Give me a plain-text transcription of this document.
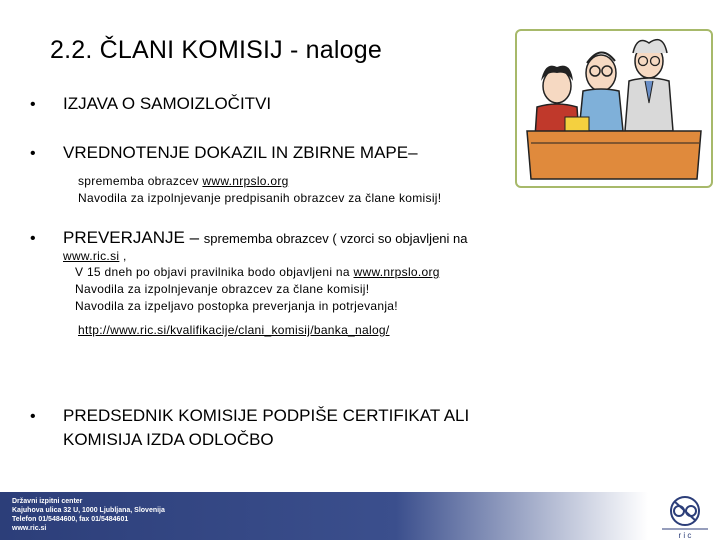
2.2. ČLANI KOMISIJ - naloge
• IZJAVA O SAMOIZLOČITVI
• VREDNOTENJE DOKAZIL IN ZBIRNE MAPE–
sprememba obrazcev www.nrpslo.org
Navodila za izpolnjevanje predpisanih obrazcev za člane komisij!
• PREVERJANJE – sprememba obrazcev ( vzorci so objavljeni na
www.ric.si ,
V 15 dneh po objavi pravilnika bodo objavljeni na www.nrpslo.org
Navodila za izpolnjevanje obrazcev za člane komisij!
Navodila za izpeljavo postopka preverjanja in potrjevanja!
http://www.ric.si/kvalifikacije/clani_komisij/banka_nalog/
• PREDSEDNIK KOMISIJE PODPIŠE CERTIFIKAT ALI
KOMISIJA IZDA ODLOČBO
Državni izpitni center
Kajuhova ulica 32 U, 1000 Ljubljana, Slovenija
Telefon 01/5484600, fax 01/5484601
www.ric.si
r i c
